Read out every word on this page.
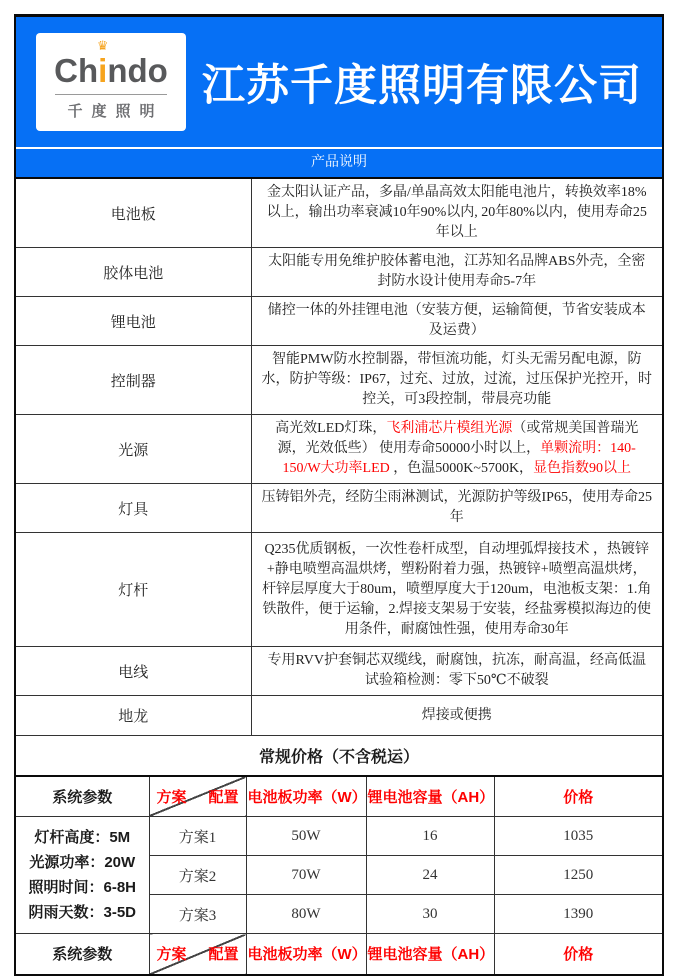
Ch
♛
indo
千度照明
江苏千度照明有限公司
产品说明
电池板	金太阳认证产品，多晶/单晶高效太阳能电池片，转换效率18%以上，输出功率衰减10年90%以内, 20年80%以内，使用寿命25年以上
胶体电池	太阳能专用免维护胶体蓄电池，江苏知名品牌ABS外壳，全密封防水设计使用寿命5-7年
锂电池	储控一体的外挂锂电池（安装方便，运输简便，节省安装成本及运费）
控制器	智能PMW防水控制器，带恒流功能，灯头无需另配电源，防水，防护等级：IP67，过充、过放，过流，过压保护光控开，时控关，可3段控制，带晨亮功能
光源	高光效LED灯珠，飞利浦芯片模组光源（或常规美国普瑞光源，光效低些） 使用寿命50000小时以上，单颗流明：140-150/W大功率LED ，色温5000K~5700K，显色指数90以上
灯具	压铸铝外壳，经防尘雨淋测试，光源防护等级IP65，使用寿命25年
灯杆	Q235优质钢板，一次性卷杆成型，自动埋弧焊接技术 ，热镀锌+静电喷塑高温烘烤，塑粉附着力强，热镀锌+喷塑高温烘烤，杆锌层厚度大于80um，喷塑厚度大于120um，电池板支架：1.角铁散件，便于运输，2.焊接支架易于安装，经盐雾模拟海边的使用条件，耐腐蚀性强，使用寿命30年
电线	专用RVV护套铜芯双缆线，耐腐蚀，抗冻，耐高温，经高低温试验箱检测：零下50℃不破裂
地龙	焊接或便携
常规价格（不含税运）	
系统参数	方案 配置	电池板功率（W）	锂电池容量（AH）	价格

灯杆高度：5M
光源功率：20W
照明时间：6-8H
阴雨天数：3-5D	方案1	50W	16	1035
	方案2	70W	24	1250
	方案3	80W	30	1390
系统参数	方案 配置	电池板功率（W）	锂电池容量（AH）	价格
